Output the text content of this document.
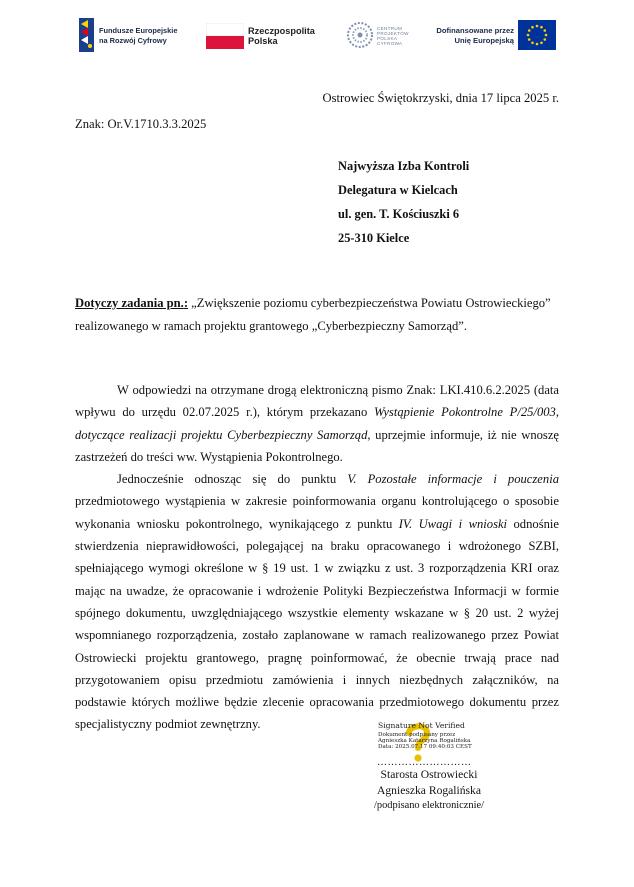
Fundusze Europejskie na Rozwój Cyfrowy
Rzeczpospolita Polska
CENTRUM PROJEKTÓW POLSKA CYFROWA
Dofinansowane przez Unię Europejską
Ostrowiec Świętokrzyski, dnia 17 lipca 2025 r.
Znak: Or.V.1710.3.3.2025
Najwyższa Izba Kontroli
Delegatura w Kielcach
ul. gen. T. Kościuszki 6
25-310 Kielce
Dotyczy zadania pn.: „Zwiększenie poziomu cyberbezpieczeństwa Powiatu Ostrowieckiego” realizowanego w ramach projektu grantowego „Cyberbezpieczny Samorząd”.

W odpowiedzi na otrzymane drogą elektroniczną pismo Znak: LKI.410.6.2.2025 (data wpływu do urzędu 02.07.2025 r.), którym przekazano Wystąpienie Pokontrolne P/25/003, dotyczące realizacji projektu Cyberbezpieczny Samorząd, uprzejmie informuje, iż nie wnoszę zastrzeżeń do treści ww. Wystąpienia Pokontrolnego.

Jednocześnie odnosząc się do punktu V. Pozostałe informacje i pouczenia przedmiotowego wystąpienia w zakresie poinformowania organu kontrolującego o sposobie wykonania wniosku pokontrolnego, wynikającego z punktu IV. Uwagi i wnioski odnośnie stwierdzenia nieprawidłowości, polegającej na braku opracowanego i wdrożonego SZBI, spełniającego wymogi określone w § 19 ust. 1 w związku z ust. 3 rozporządzenia KRI oraz mając na uwadze, że opracowanie i wdrożenie Polityki Bezpieczeństwa Informacji w formie spójnego dokumentu, uwzględniającego wszystkie elementy wskazane w § 20 ust. 2 wyżej wspomnianego rozporządzenia, zostało zaplanowane w ramach realizowanego przez Powiat Ostrowiecki projektu grantowego, pragnę poinformować, że obecnie trwają prace nad przygotowaniem opisu przedmiotu zamówienia i innych niezbędnych załączników, na podstawie których możliwe będzie zlecenie opracowania przedmiotowego dokumentu przez specjalistyczny podmiot zewnętrzny.	Signature Not Verified
Dokument podpisany przez
Agnieszka Katarzyna Rogalińska
Data: 2025.07.17 09:40:03 CEST
………………………
Starosta Ostrowiecki
Agnieszka Rogalińska
/podpisano elektronicznie/
